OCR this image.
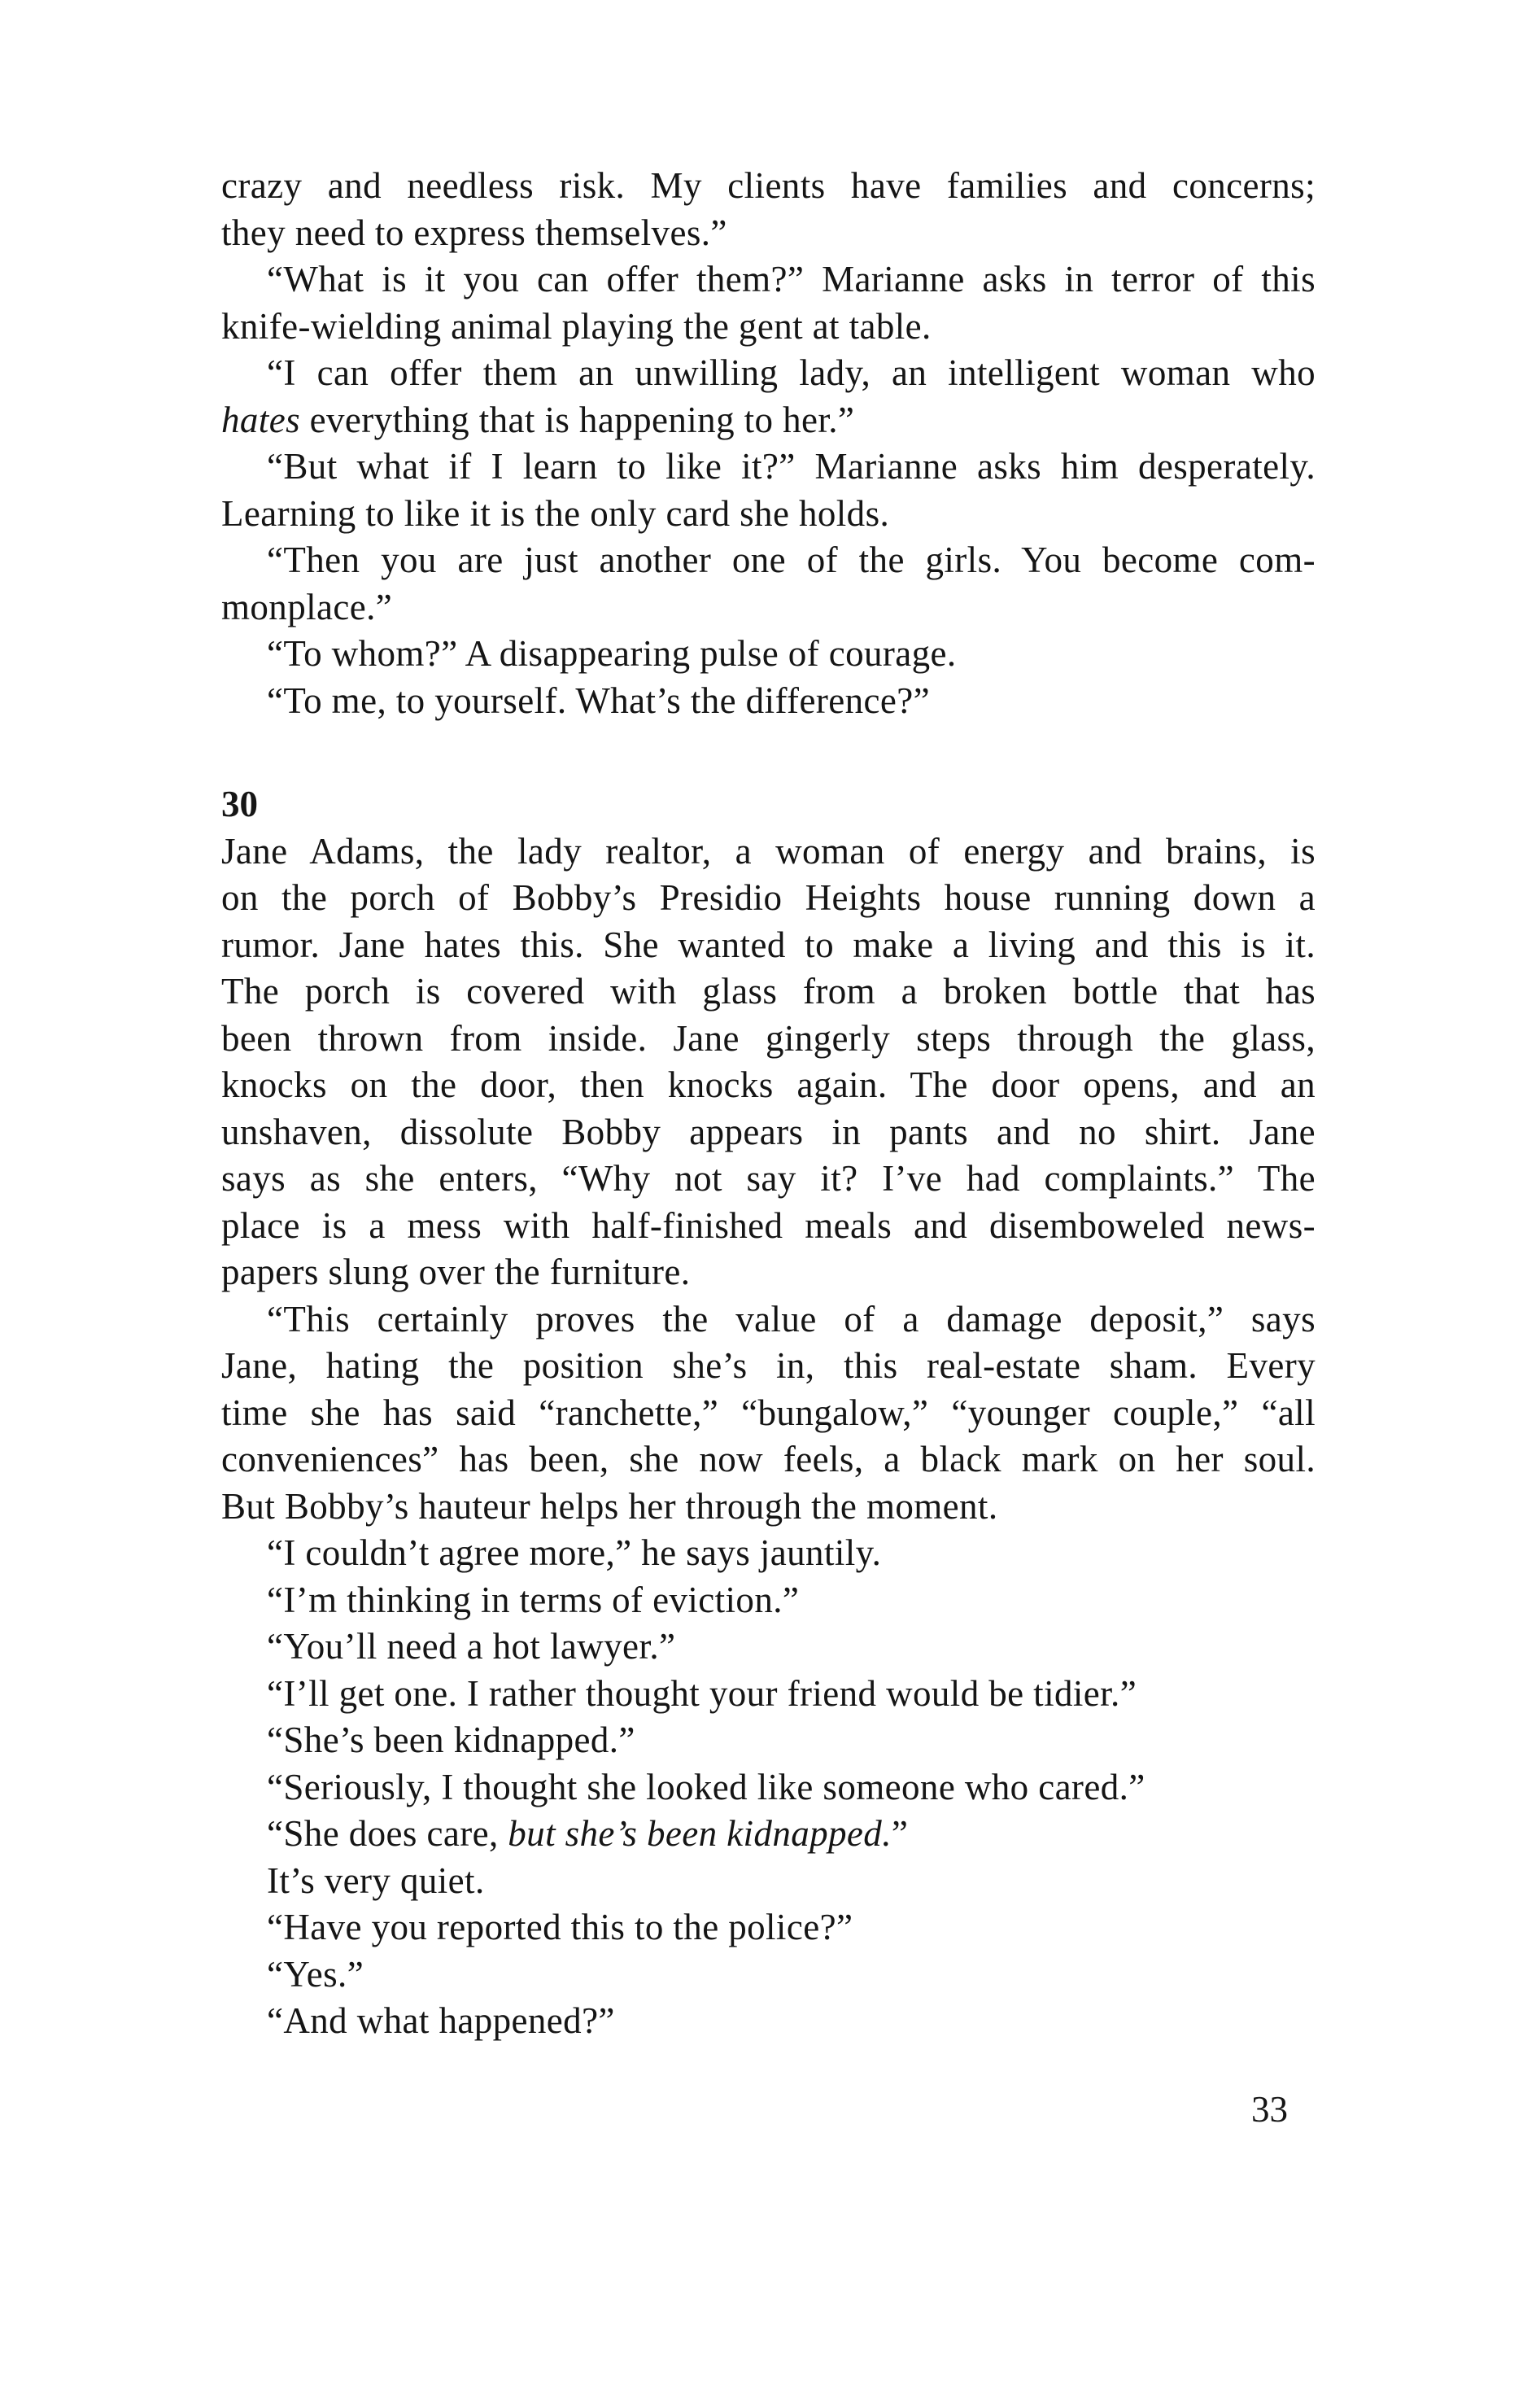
crazy and needless risk. My clients have families and concerns;
they need to express themselves.”
“What is it you can offer them?” Marianne asks in terror of this
knife-wielding animal playing the gent at table.
“I can offer them an unwilling lady, an intelligent woman who
hates everything that is happening to her.”
“But what if I learn to like it?” Marianne asks him desperately.
Learning to like it is the only card she holds.
“Then you are just another one of the girls. You become com-
monplace.”
“To whom?” A disappearing pulse of courage.
“To me, to yourself. What’s the difference?”
30
Jane Adams, the lady realtor, a woman of energy and brains, is
on the porch of Bobby’s Presidio Heights house running down a
rumor. Jane hates this. She wanted to make a living and this is it.
The porch is covered with glass from a broken bottle that has
been thrown from inside. Jane gingerly steps through the glass,
knocks on the door, then knocks again. The door opens, and an
unshaven, dissolute Bobby appears in pants and no shirt. Jane
says as she enters, “Why not say it? I’ve had complaints.” The
place is a mess with half-finished meals and disemboweled news-
papers slung over the furniture.
“This certainly proves the value of a damage deposit,” says
Jane, hating the position she’s in, this real-estate sham. Every
time she has said “ranchette,” “bungalow,” “younger couple,” “all
conveniences” has been, she now feels, a black mark on her soul.
But Bobby’s hauteur helps her through the moment.
“I couldn’t agree more,” he says jauntily.
“I’m thinking in terms of eviction.”
“You’ll need a hot lawyer.”
“I’ll get one. I rather thought your friend would be tidier.”
“She’s been kidnapped.”
“Seriously, I thought she looked like someone who cared.”
“She does care, but she’s been kidnapped.”
It’s very quiet.
“Have you reported this to the police?”
“Yes.”
“And what happened?”
33
